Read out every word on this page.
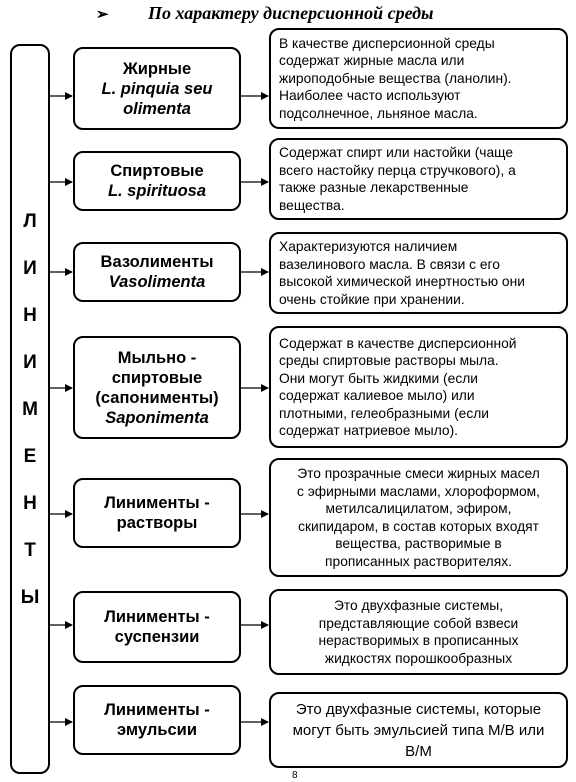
➢ По характеру дисперсионной среды
Л
И
Н
И
М
Е
Н
Т
Ы
Жирные
L. pinquia seu
olimenta
В качестве дисперсионной среды
содержат жирные масла или
жироподобные вещества (ланолин).
Наиболее часто используют
подсолнечное, льняное масла.
Спиртовые
L. spirituosa
Содержат спирт или настойки (чаще
всего настойку перца стручкового), а
также разные лекарственные
вещества.
Вазолименты
Vasolimenta
Характеризуются наличием
вазелинового масла. В связи с его
высокой химической инертностью они
очень стойкие при хранении.
Мыльно -
спиртовые
(сапонименты)
Saponimenta
Содержат в качестве дисперсионной
среды спиртовые растворы мыла.
Они могут быть жидкими (если
содержат калиевое мыло) или
плотными, гелеобразными (если
содержат натриевое мыло).
Линименты -
растворы
Это прозрачные смеси жирных масел
с эфирными маслами, хлороформом,
метилсалицилатом, эфиром,
скипидаром, в состав которых входят
вещества, растворимые в
прописанных растворителях.
Линименты -
суспензии
Это двухфазные системы,
представляющие собой взвеси
нерастворимых в прописанных
жидкостях порошкообразных
Линименты -
эмульсии
Это двухфазные системы, которые
могут быть эмульсией типа М/В или
В/М
8
